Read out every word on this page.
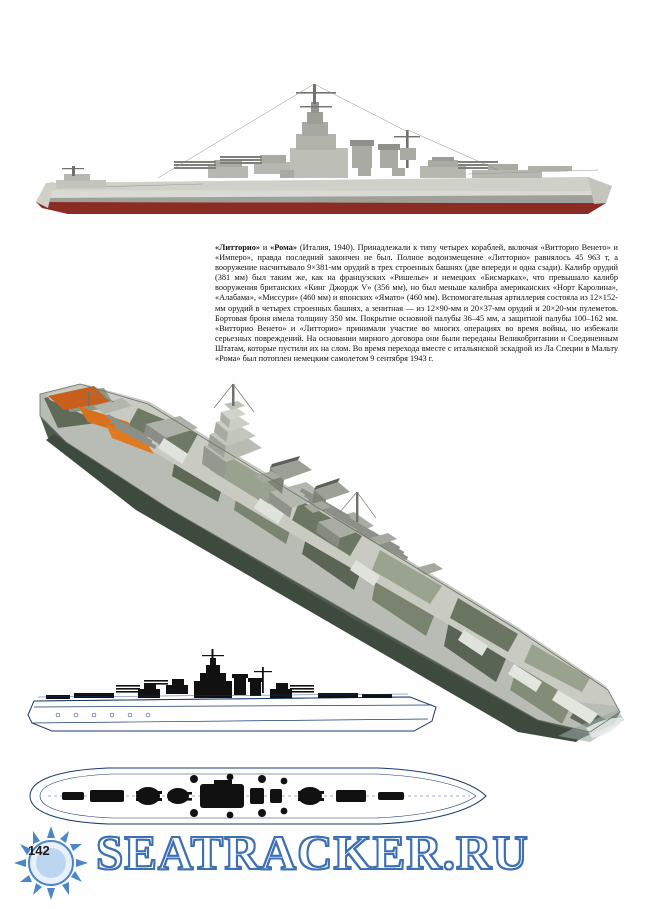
«Литторио» и «Рома» (Италия, 1940). Принадлежали к типу четырех кораблей, включая «Витторио Венето» и «Имперо», правда последний закончен не был. Полное водоизмещение «Литторио» равнялось 45 963 т, а вооружение насчитывало 9×381-мм орудий в трех строенных башнях (две впереди и одна сзади). Калибр орудий (381 мм) был таким же, как на французских «Ришелье» и немецких «Бисмарках», что превышало калибр вооружения британских «Кинг Джордж V» (356 мм), но был меньше калибра американских «Норт Каролина», «Алабама», «Миссури» (460 мм) и японских «Ямато» (460 мм). Вспомогательная артиллерия состояла из 12×152-мм орудий в четырех строенных башнях, а зенитная — из 12×90-мм и 20×37-мм орудий и 20×20-мм пулеметов. Бортовая броня имела толщину 350 мм. Покрытие основной палубы 36–45 мм, а защитной палубы 100–162 мм. «Витторио Венето» и «Литторио» принимали участие во многих операциях во время войны, но избежали серьезных повреждений. На основании мирного договора они были переданы Великобритании и Соединенным Штатам, которые пустили их на слом. Во время перехода вместе с итальянской эскадрой из Ла Специи в Мальту «Рома» был потоплен немецким самолетом 9 сентября 1943 г.
142 SEATRACKER.RU
